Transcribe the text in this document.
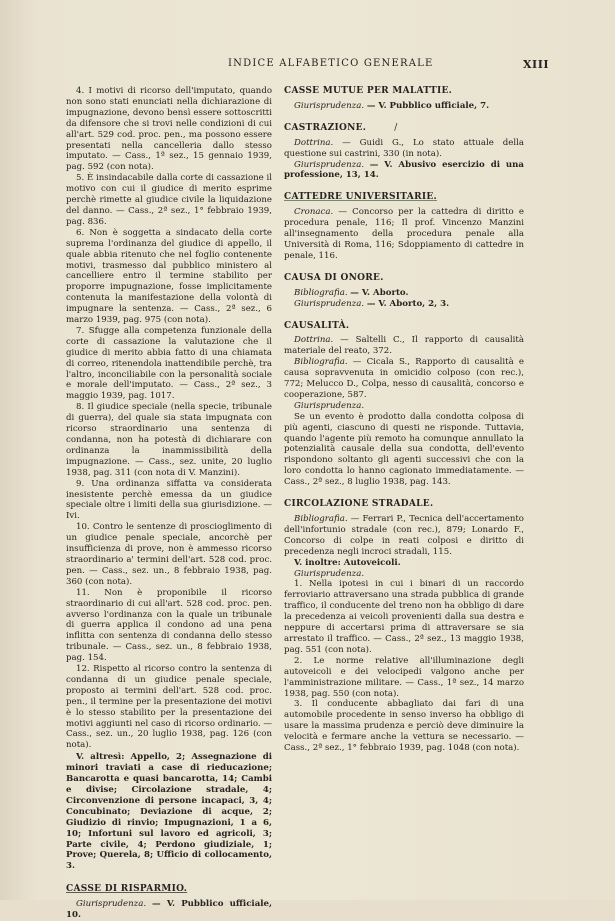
INDICE ALFABETICO GENERALE	XIII

4. I motivi di ricorso dell'imputato, quando non sono stati enunciati nella dichiarazione di impugnazione, devono bensì essere sottoscritti da difensore che si trovi nelle condizioni di cui all'art. 529 cod. proc. pen., ma possono essere presentati nella cancelleria dallo stesso imputato. — Cass., 1ª sez., 15 gennaio 1939, pag. 592 (con nota).

5. È insindacabile dalla corte di cassazione il motivo con cui il giudice di merito esprime perchè rimette al giudice civile la liquidazione del danno. — Cass., 2ª sez., 1° febbraio 1939, pag. 836.

6. Non è soggetta a sindacato della corte suprema l'ordinanza del giudice di appello, il quale abbia ritenuto che nel foglio contenente motivi, trasmesso dal pubblico ministero al cancelliere entro il termine stabilito per proporre impugnazione, fosse implicitamente contenuta la manifestazione della volontà di impugnare la sentenza. — Cass., 2ª sez., 6 marzo 1939, pag. 975 (con nota).

7. Sfugge alla competenza funzionale della corte di cassazione la valutazione che il giudice di merito abbia fatto di una chiamata di correo, ritenendola inattendibile perchè, tra l'altro, inconciliabile con la personalità sociale e morale dell'imputato. — Cass., 2ª sez., 3 maggio 1939, pag. 1017.

8. Il giudice speciale (nella specie, tribunale di guerra), del quale sia stata impugnata con ricorso straordinario una sentenza di condanna, non ha potestà di dichiarare con ordinanza la inammissibilità della impugnazione. — Cass., sez. unite, 20 luglio 1938, pag. 311 (con nota di V. Manzini).

9. Una ordinanza siffatta va considerata inesistente perchè emessa da un giudice speciale oltre i limiti della sua giurisdizione. — Ivi.

10. Contro le sentenze di proscioglimento di un giudice penale speciale, ancorchè per insufficienza di prove, non è ammesso ricorso straordinario a' termini dell'art. 528 cod. proc. pen. — Cass., sez. un., 8 febbraio 1938, pag. 360 (con nota).

11. Non è proponibile il ricorso straordinario di cui all'art. 528 cod. proc. pen. avverso l'ordinanza con la quale un tribunale di guerra applica il condono ad una pena inflitta con sentenza di condanna dello stesso tribunale. — Cass., sez. un., 8 febbraio 1938, pag. 154.

12. Rispetto al ricorso contro la sentenza di condanna di un giudice penale speciale, proposto ai termini dell'art. 528 cod. proc. pen., il termine per la presentazione dei motivi è lo stesso stabilito per la presentazione dei motivi aggiunti nel caso di ricorso ordinario. — Cass., sez. un., 20 luglio 1938, pag. 126 (con nota).

V. altresì: Appello, 2; Assegnazione di minori traviati a case di rieducazione; Bancarotta e quasi bancarotta, 14; Cambi e divise; Circolazione stradale, 4; Circonvenzione di persone incapaci, 3, 4; Concubinato; Deviazione di acque, 2; Giudizio di rinvio; Impugnazioni, 1 a 6, 10; Infortuni sul lavoro ed agricoli, 3; Parte civile, 4; Perdono giudiziale, 1; Prove; Querela, 8; Ufficio di collocamento, 3.

CASSE DI RISPARMIO.

Giurisprudenza. — V. Pubblico ufficiale, 10.

CASSE MUTUE PER MALATTIE.

Giurisprudenza. — V. Pubblico ufficiale, 7.

CASTRAZIONE.	/

Dottrina. — Guidi G., Lo stato attuale della questione sui castrini, 330 (in nota).

Giurisprudenza. — V. Abusivo esercizio di una professione, 13, 14.

CATTEDRE UNIVERSITARIE.

Cronaca. — Concorso per la cattedra di diritto e procedura penale, 116; Il prof. Vincenzo Manzini all'insegnamento della procedura penale alla Università di Roma, 116; Sdoppiamento di cattedre in penale, 116.

CAUSA DI ONORE.

Bibliografia. — V. Aborto.

Giurisprudenza. — V. Aborto, 2, 3.

CAUSALITÀ.

Dottrina. — Saltelli C., Il rapporto di causalità materiale del reato, 372.

Bibliografia. — Cicala S., Rapporto di causalità e causa sopravvenuta in omicidio colposo (con rec.), 772; Melucco D., Colpa, nesso di causalità, concorso e cooperazione, 587.

Giurisprudenza.

Se un evento è prodotto dalla condotta colposa di più agenti, ciascuno di questi ne risponde. Tuttavia, quando l'agente più remoto ha comunque annullato la potenzialità causale della sua condotta, dell'evento rispondono soltanto gli agenti successivi che con la loro condotta lo hanno cagionato immediatamente. — Cass., 2ª sez., 8 luglio 1938, pag. 143.

CIRCOLAZIONE STRADALE.

Bibliografia. — Ferrari P., Tecnica dell'accertamento dell'infortunio stradale (con rec.), 879; Lonardo F., Concorso di colpe in reati colposi e diritto di precedenza negli incroci stradali, 115.

V. inoltre: Autoveicoli.

Giurisprudenza.

1. Nella ipotesi in cui i binari di un raccordo ferroviario attraversano una strada pubblica di grande traffico, il conducente del treno non ha obbligo di dare la precedenza ai veicoli provenienti dalla sua destra e neppure di accertarsi prima di attraversare se sia arrestato il traffico. — Cass., 2ª sez., 13 maggio 1938, pag. 551 (con nota).

2. Le norme relative all'illuminazione degli autoveicoli e dei velocipedi valgono anche per l'amministrazione militare. — Cass., 1ª sez., 14 marzo 1938, pag. 550 (con nota).

3. Il conducente abbagliato dai fari di una automobile procedente in senso inverso ha obbligo di usare la massima prudenza e perciò deve diminuire la velocità e fermare anche la vettura se necessario. — Cass., 2ª sez., 1° febbraio 1939, pag. 1048 (con nota).
